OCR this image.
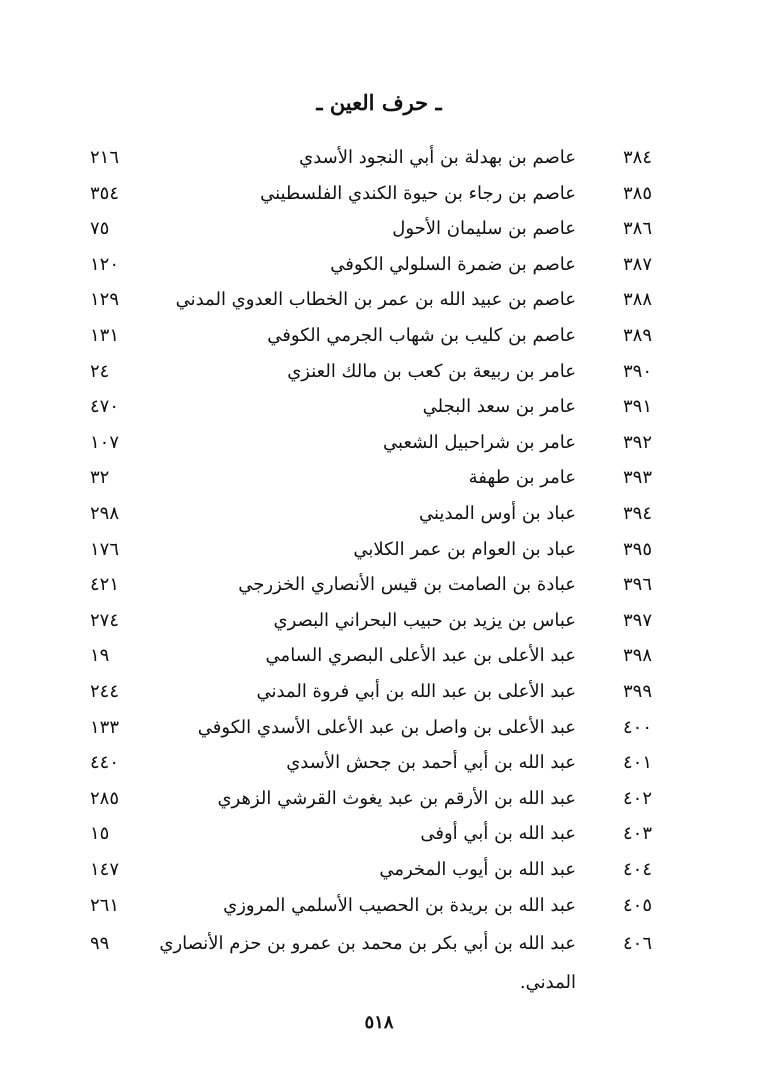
ـ حرف العين ـ
٣٨٤
عاصم بن بهدلة بن أبي النجود الأسدي
٢١٦
٣٨٥
عاصم بن رجاء بن حيوة الكندي الفلسطيني
٣٥٤
٣٨٦
عاصم بن سليمان الأحول
٧٥
٣٨٧
عاصم بن ضمرة السلولي الكوفي
١٢٠
٣٨٨
عاصم بن عبيد الله بن عمر بن الخطاب العدوي المدني
١٢٩
٣٨٩
عاصم بن كليب بن شهاب الجرمي الكوفي
١٣١
٣٩٠
عامر بن ربيعة بن كعب بن مالك العنزي
٢٤
٣٩١
عامر بن سعد البجلي
٤٧٠
٣٩٢
عامر بن شراحبيل الشعبي
١٠٧
٣٩٣
عامر بن طهفة
٣٢
٣٩٤
عباد بن أوس المديني
٢٩٨
٣٩٥
عباد بن العوام بن عمر الكلابي
١٧٦
٣٩٦
عبادة بن الصامت بن قيس الأنصاري الخزرجي
٤٢١
٣٩٧
عباس بن يزيد بن حبيب البحراني البصري
٢٧٤
٣٩٨
عبد الأعلى بن عبد الأعلى البصري السامي
١٩
٣٩٩
عبد الأعلى بن عبد الله بن أبي فروة المدني
٢٤٤
٤٠٠
عبد الأعلى بن واصل بن عبد الأعلى الأسدي الكوفي
١٣٣
٤٠١
عبد الله بن أبي أحمد بن جحش الأسدي
٤٤٠
٤٠٢
عبد الله بن الأرقم بن عبد يغوث القرشي الزهري
٢٨٥
٤٠٣
عبد الله بن أبي أوفى
١٥
٤٠٤
عبد الله بن أيوب المخرمي
١٤٧
٤٠٥
عبد الله بن بريدة بن الحصيب الأسلمي المروزي
٢٦١
٤٠٦
عبد الله بن أبي بكر بن محمد بن عمرو بن حزم الأنصاري
٩٩
المدني.
٥١٨
